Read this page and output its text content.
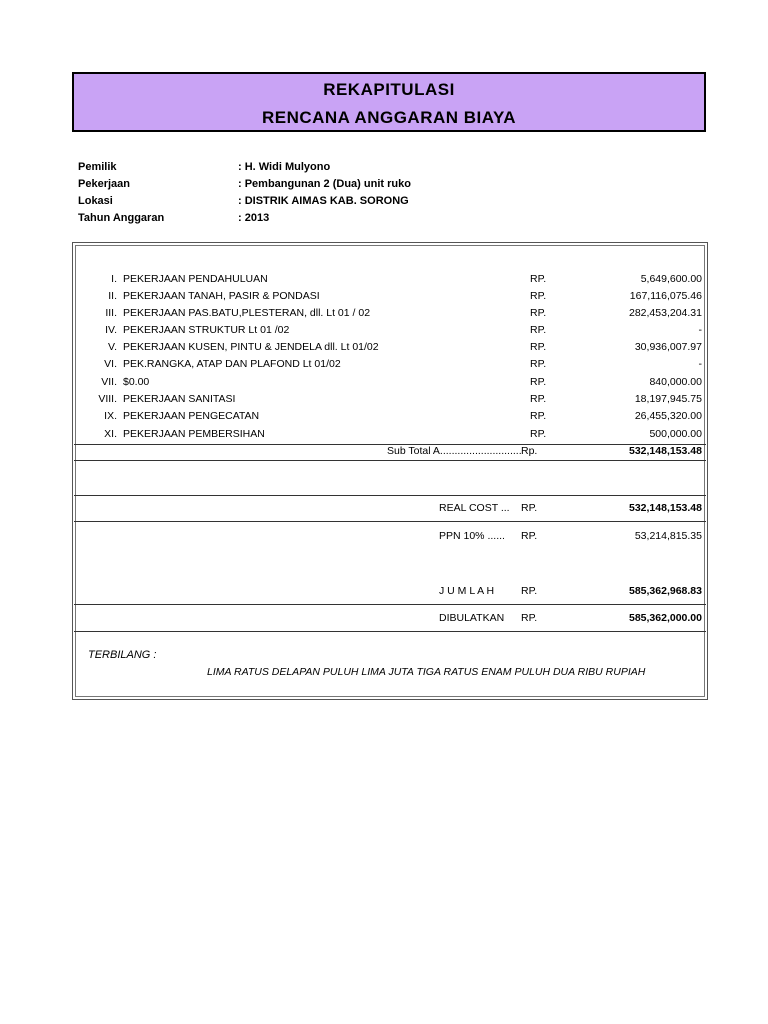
REKAPITULASI
RENCANA ANGGARAN BIAYA
Pemilik	: H. Widi Mulyono
Pekerjaan	: Pembangunan 2 (Dua) unit ruko
Lokasi	: DISTRIK AIMAS KAB. SORONG
Tahun Anggaran	: 2013
I. PEKERJAAN PENDAHULUAN	RP.	5,649,600.00
II. PEKERJAAN TANAH, PASIR & PONDASI	RP.	167,116,075.46
III. PEKERJAAN PAS.BATU,PLESTERAN, dll. Lt 01 / 02	RP.	282,453,204.31
IV. PEKERJAAN STRUKTUR Lt 01 /02	RP.	-
V. PEKERJAAN KUSEN, PINTU & JENDELA dll. Lt 01/02	RP.	30,936,007.97
VI. PEK.RANGKA, ATAP DAN PLAFOND Lt 01/02	RP.	-
VII. $0.00	RP.	840,000.00
VIII. PEKERJAAN SANITASI	RP.	18,197,945.75
IX. PEKERJAAN PENGECATAN	RP.	26,455,320.00
XI. PEKERJAAN PEMBERSIHAN	RP.	500,000.00
Sub Total A............................ Rp.	532,148,153.48
REAL COST ... RP.	532,148,153.48
PPN 10% ...... RP.	53,214,815.35
J U M L A H	RP.	585,362,968.83
DIBULATKAN RP.	585,362,000.00
TERBILANG :
LIMA RATUS DELAPAN PULUH LIMA JUTA TIGA RATUS ENAM PULUH DUA RIBU RUPIAH
